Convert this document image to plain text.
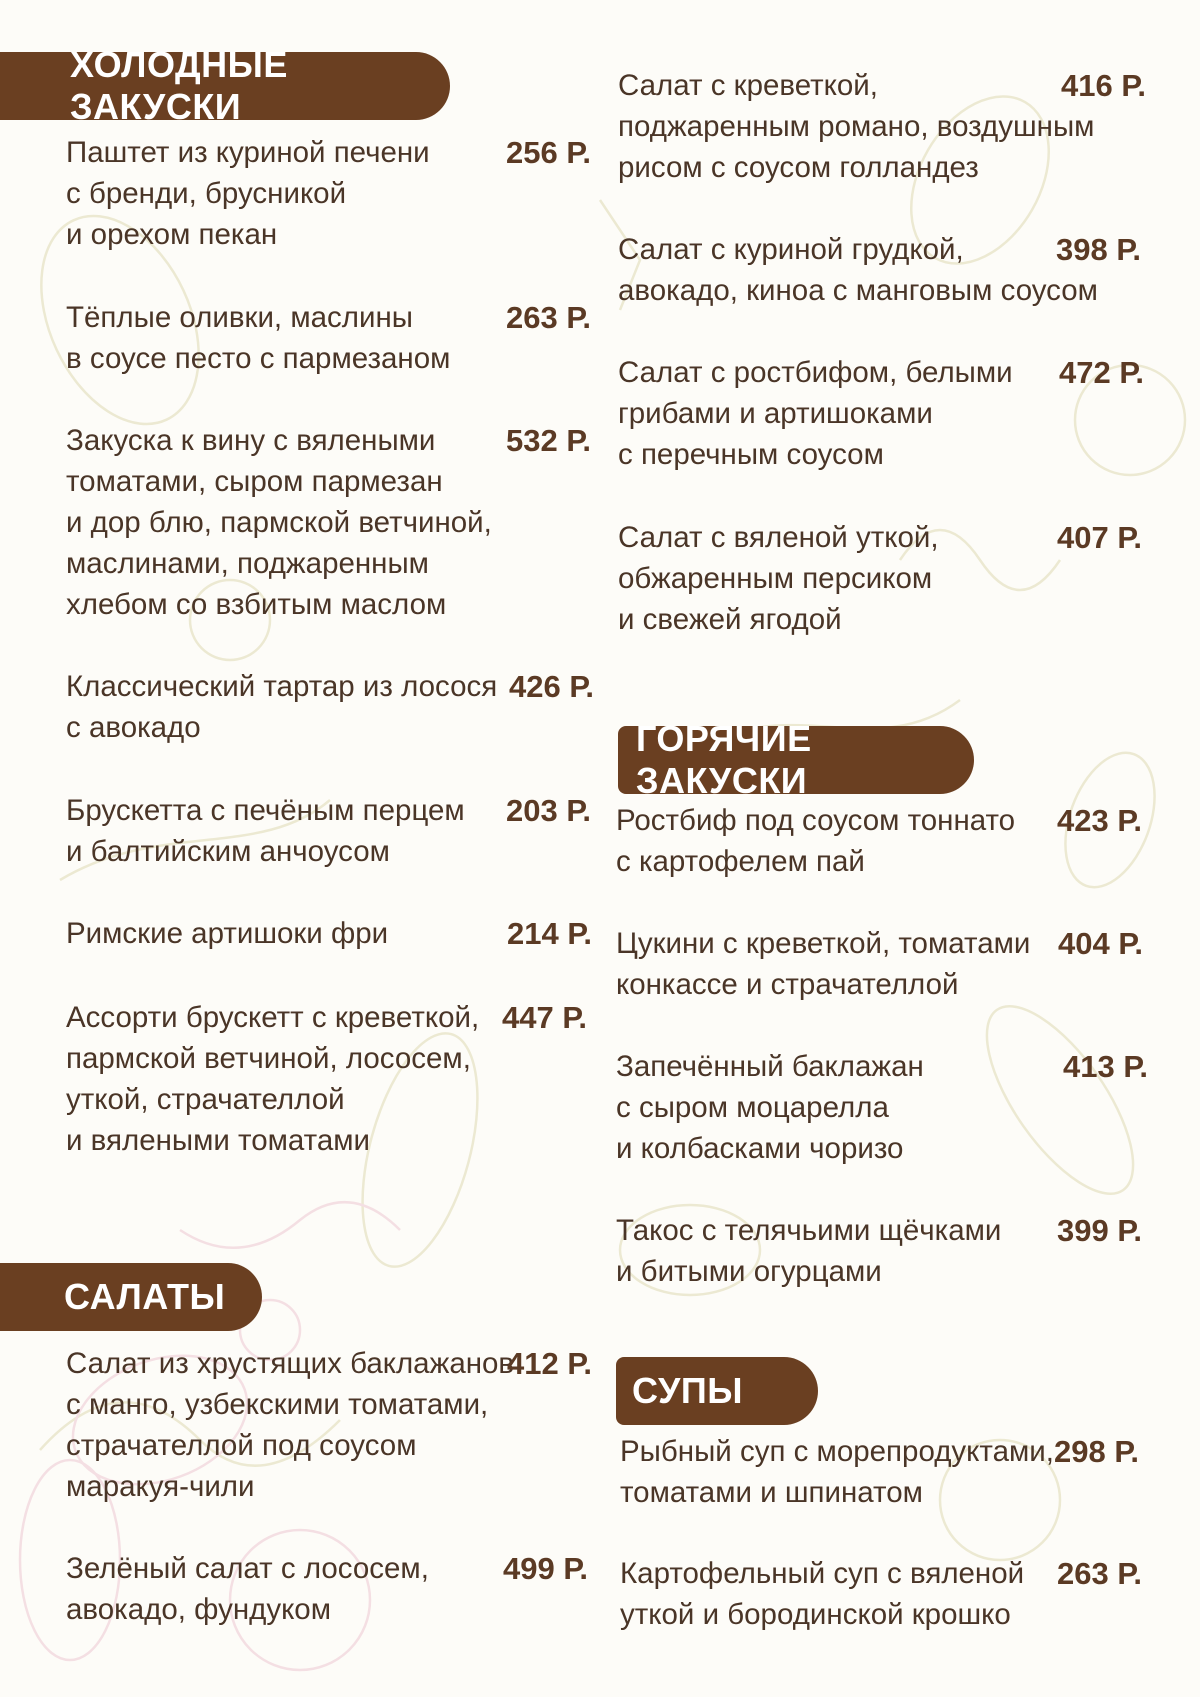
ХОЛОДНЫЕ ЗАКУСКИ
Паштет из куриной печени
с бренди, брусникой
и орехом пекан
256 Р.
Тёплые оливки, маслины
в соусе песто с пармезаном
263 Р.
Закуска к вину с вялеными
томатами, сыром пармезан
и дор блю, пармской ветчиной,
маслинами, поджаренным
хлебом со взбитым маслом
532 Р.
Классический тартар из лосося
с авокадо
426 Р.
Брускетта с печёным перцем
и балтийским анчоусом
203 Р.
Римские артишоки фри	214 Р.
Ассорти брускетт с креветкой,
пармской ветчиной, лососем,
уткой, страчателлой
и вялеными томатами
447 Р.
САЛАТЫ
Салат из хрустящих баклажанов
с манго, узбекскими томатами,
страчателлой под соусом
маракуя-чили
412 Р.
Зелёный салат с лососем,
авокадо, фундуком
499 Р.
Салат с креветкой,
поджаренным романо, воздушным
рисом с соусом голландез
416 Р.
Салат с куриной грудкой,
авокадо, киноа с манговым соусом
398 Р.
Салат с ростбифом, белыми
грибами и артишоками
с перечным соусом
472 Р.
Салат с вяленой уткой,
обжаренным персиком
и свежей ягодой
407 Р.
ГОРЯЧИЕ ЗАКУСКИ
Ростбиф под соусом тоннато
с картофелем пай
423 Р.
Цукини с креветкой, томатами
конкассе и страчателлой
404 Р.
Запечённый баклажан
с сыром моцарелла
и колбасками чоризо
413 Р.
Такос с телячьими щёчками
и битыми огурцами
399 Р.
СУПЫ
Рыбный суп с морепродуктами,
томатами и шпинатом
298 Р.
Картофельный суп с вяленой
уткой и бородинской крошко
263 Р.
